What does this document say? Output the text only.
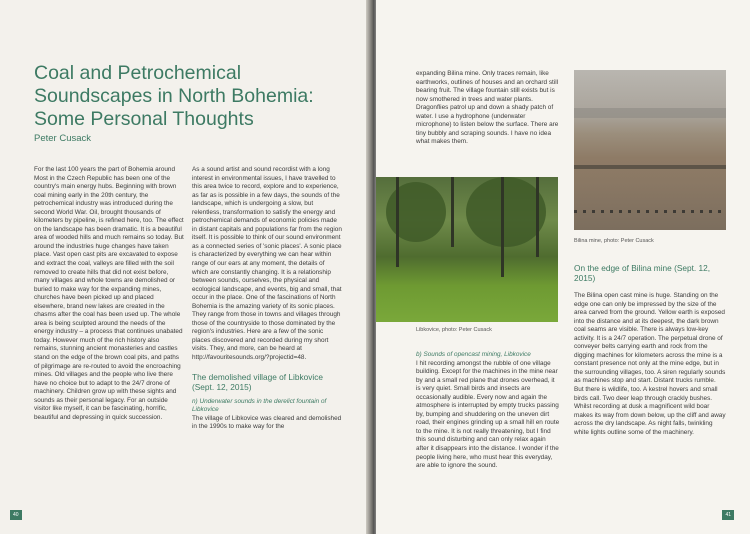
Coal and Petrochemical
Soundscapes in North Bohemia:
Some Personal Thoughts
Peter Cusack

For the last 100 years the part of Bohemia around Most in the Czech Republic has been one of the country's main energy hubs. Beginning with brown coal mining early in the 20th century, the petrochemical industry was introduced during the second World War. Oil, brought thousands of kilometers by pipeline, is refined here, too. The effect on the landscape has been dramatic. It is a beautiful area of wooded hills and much remains so today. But around the industries huge changes have taken place. Vast open cast pits are excavated to expose and extract the coal, valleys are filled with the soil removed to create hills that did not exist before, many villages and whole towns are demolished or buried to make way for the expanding mines, churches have been picked up and placed elsewhere, brand new lakes are created in the chasms after the coal has been used up. The whole area is being sculpted around the needs of the energy industry – a process that continues unabated today. However much of the rich history also remains, stunning ancient monasteries and castles stand on the edge of the brown coal pits, and paths of pilgrimage are re-routed to avoid the encroaching mines. Old villages and the people who live there have no choice but to adapt to the 24/7 drone of machinery. Children grow up with these sights and sounds as their personal legacy. For an outside visitor like myself, it can be fascinating, horrific, beautiful and depressing in quick succession.

As a sound artist and sound recordist with a long interest in environmental issues, I have travelled to this area twice to record, explore and to experience, as far as is possible in a few days, the sounds of the landscape, which is undergoing a slow, but relentless, transformation to satisfy the energy and petrochemical demands of economic policies made in distant capitals and populations far from the region itself. It is possible to think of our sound environment as a connected series of 'sonic places'. A sonic place is characterized by everything we can hear within range of our ears at any moment, the details of which are constantly changing. It is a relationship between sounds, ourselves, the physical and ecological landscape, and events, big and small, that occur in the place. One of the fascinations of North Bohemia is the amazing variety of its sonic places. They range from those in towns and villages through those of the countryside to those dominated by the region's industries. Here are a few of the sonic places discovered and recorded during my short visits. They, and more, can be heard at http://favouritesounds.org/?projectid=48.

The demolished village of Libkovice (Sept. 12, 2015)

n) Underwater sounds in the derelict fountain of Libkovice

The village of Libkovice was cleared and demolished in the 1990s to make way for the

40

expanding Bilina mine. Only traces remain, like earthworks, outlines of houses and an orchard still bearing fruit. The village fountain still exists but is now smothered in trees and water plants. Dragonflies patrol up and down a shady patch of water. I use a hydrophone (underwater microphone) to listen below the surface. There are tiny bubbly and scraping sounds. I have no idea what makes them.

Libkovice, photo: Peter Cusack

b) Sounds of opencast mining, Libkovice

I hit recording amongst the rubble of one village building. Except for the machines in the mine near by and a small red plane that drones overhead, it is very quiet. Small birds and insects are occasionally audible. Every now and again the atmosphere is interrupted by empty trucks passing by, bumping and shuddering on the uneven dirt road, their engines grinding up a small hill en route to the mine. It is not really threatening, but I find this sound disturbing and can only relax again after it disappears into the distance. I wonder if the people living here, who must hear this everyday, are able to ignore the sound.

Bilina mine, photo: Peter Cusack
On the edge of Bilina mine (Sept. 12, 2015)

The Bilina open cast mine is huge. Standing on the edge one can only be impressed by the size of the area carved from the ground. Yellow earth is exposed into the distance and at its deepest, the dark brown coal seams are visible. There is always low-key activity. It is a 24/7 operation. The perpetual drone of conveyer belts carrying earth and rock from the digging machines for kilometers across the mine is a constant presence not only at the mine edge, but in the surrounding villages, too. A siren regularly sounds as machines stop and start. Distant trucks rumble. But there is wildlife, too. A kestrel hovers and small birds call. Two deer leap through crackly bushes. Whilst recording at dusk a magnificent wild boar makes its way from down below, up the cliff and away across the dry landscape. As night falls, twinkling white lights outline some of the machinery.

41
